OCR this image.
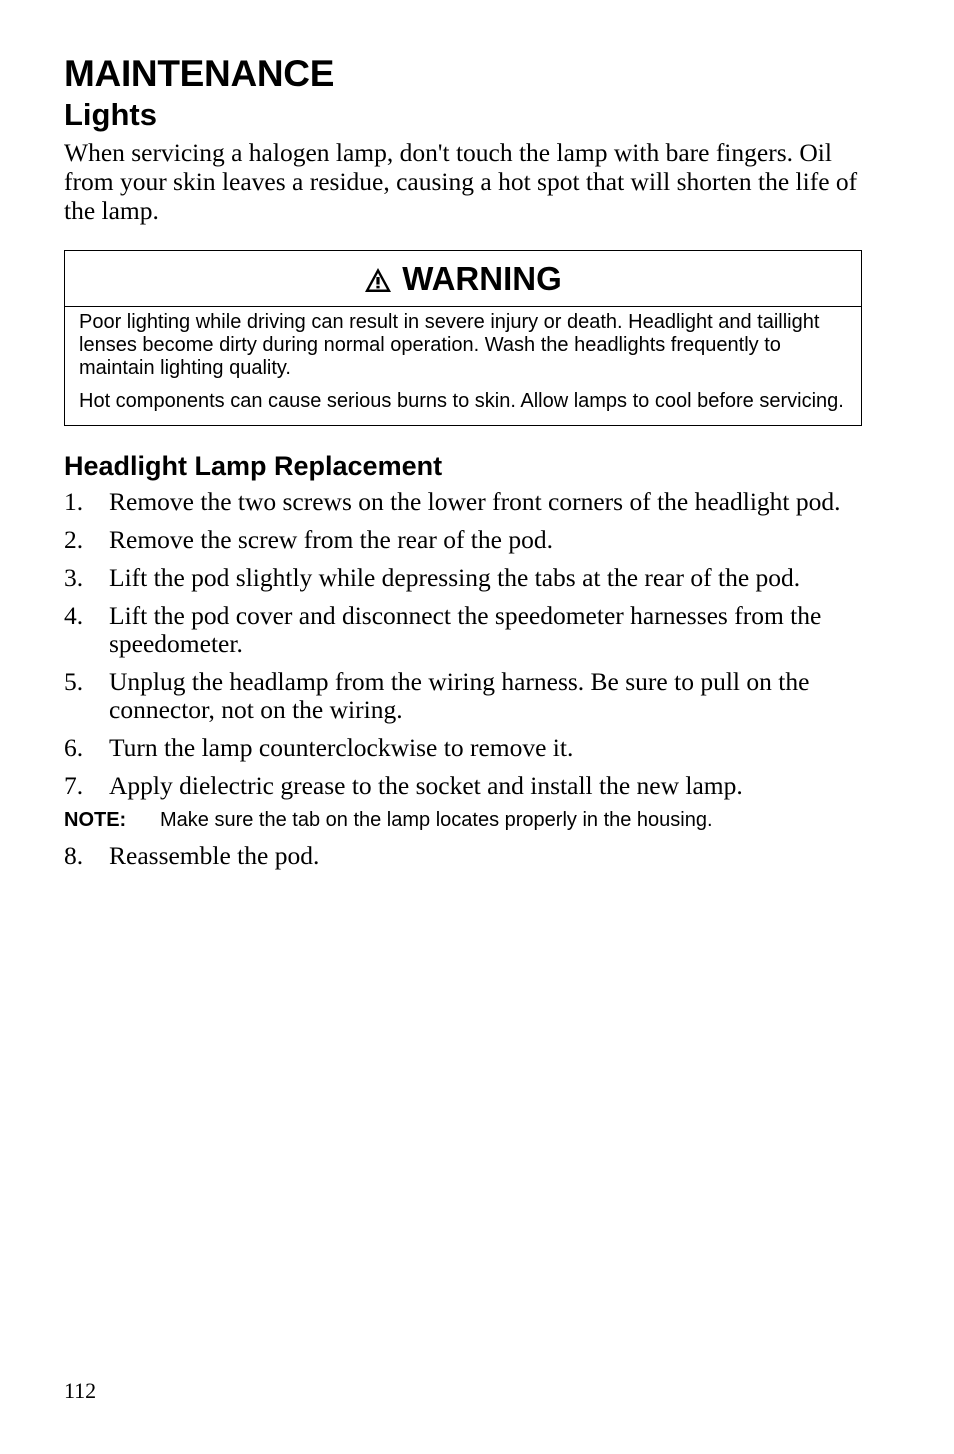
MAINTENANCE
Lights

When servicing a halogen lamp, don't touch the lamp with bare fingers. Oil from your skin leaves a residue, causing a hot spot that will shorten the life of the lamp.

WARNING

Poor lighting while driving can result in severe injury or death. Headlight and taillight lenses become dirty during normal operation. Wash the headlights frequently to maintain lighting quality.

Hot components can cause serious burns to skin. Allow lamps to cool before servicing.

Headlight Lamp Replacement
1.	Remove the two screws on the lower front corners of the headlight pod.
2.	Remove the screw from the rear of the pod.
3.	Lift the pod slightly while depressing the tabs at the rear of the pod.
4.	Lift the pod cover and disconnect the speedometer harnesses from the speedometer.
5.	Unplug the headlamp from the wiring harness. Be sure to pull on the connector, not on the wiring.
6.	Turn the lamp counterclockwise to remove it.
7.	Apply dielectric grease to the socket and install the new lamp.
NOTE:	Make sure the tab on the lamp locates properly in the housing.
8.	Reassemble the pod.
112
